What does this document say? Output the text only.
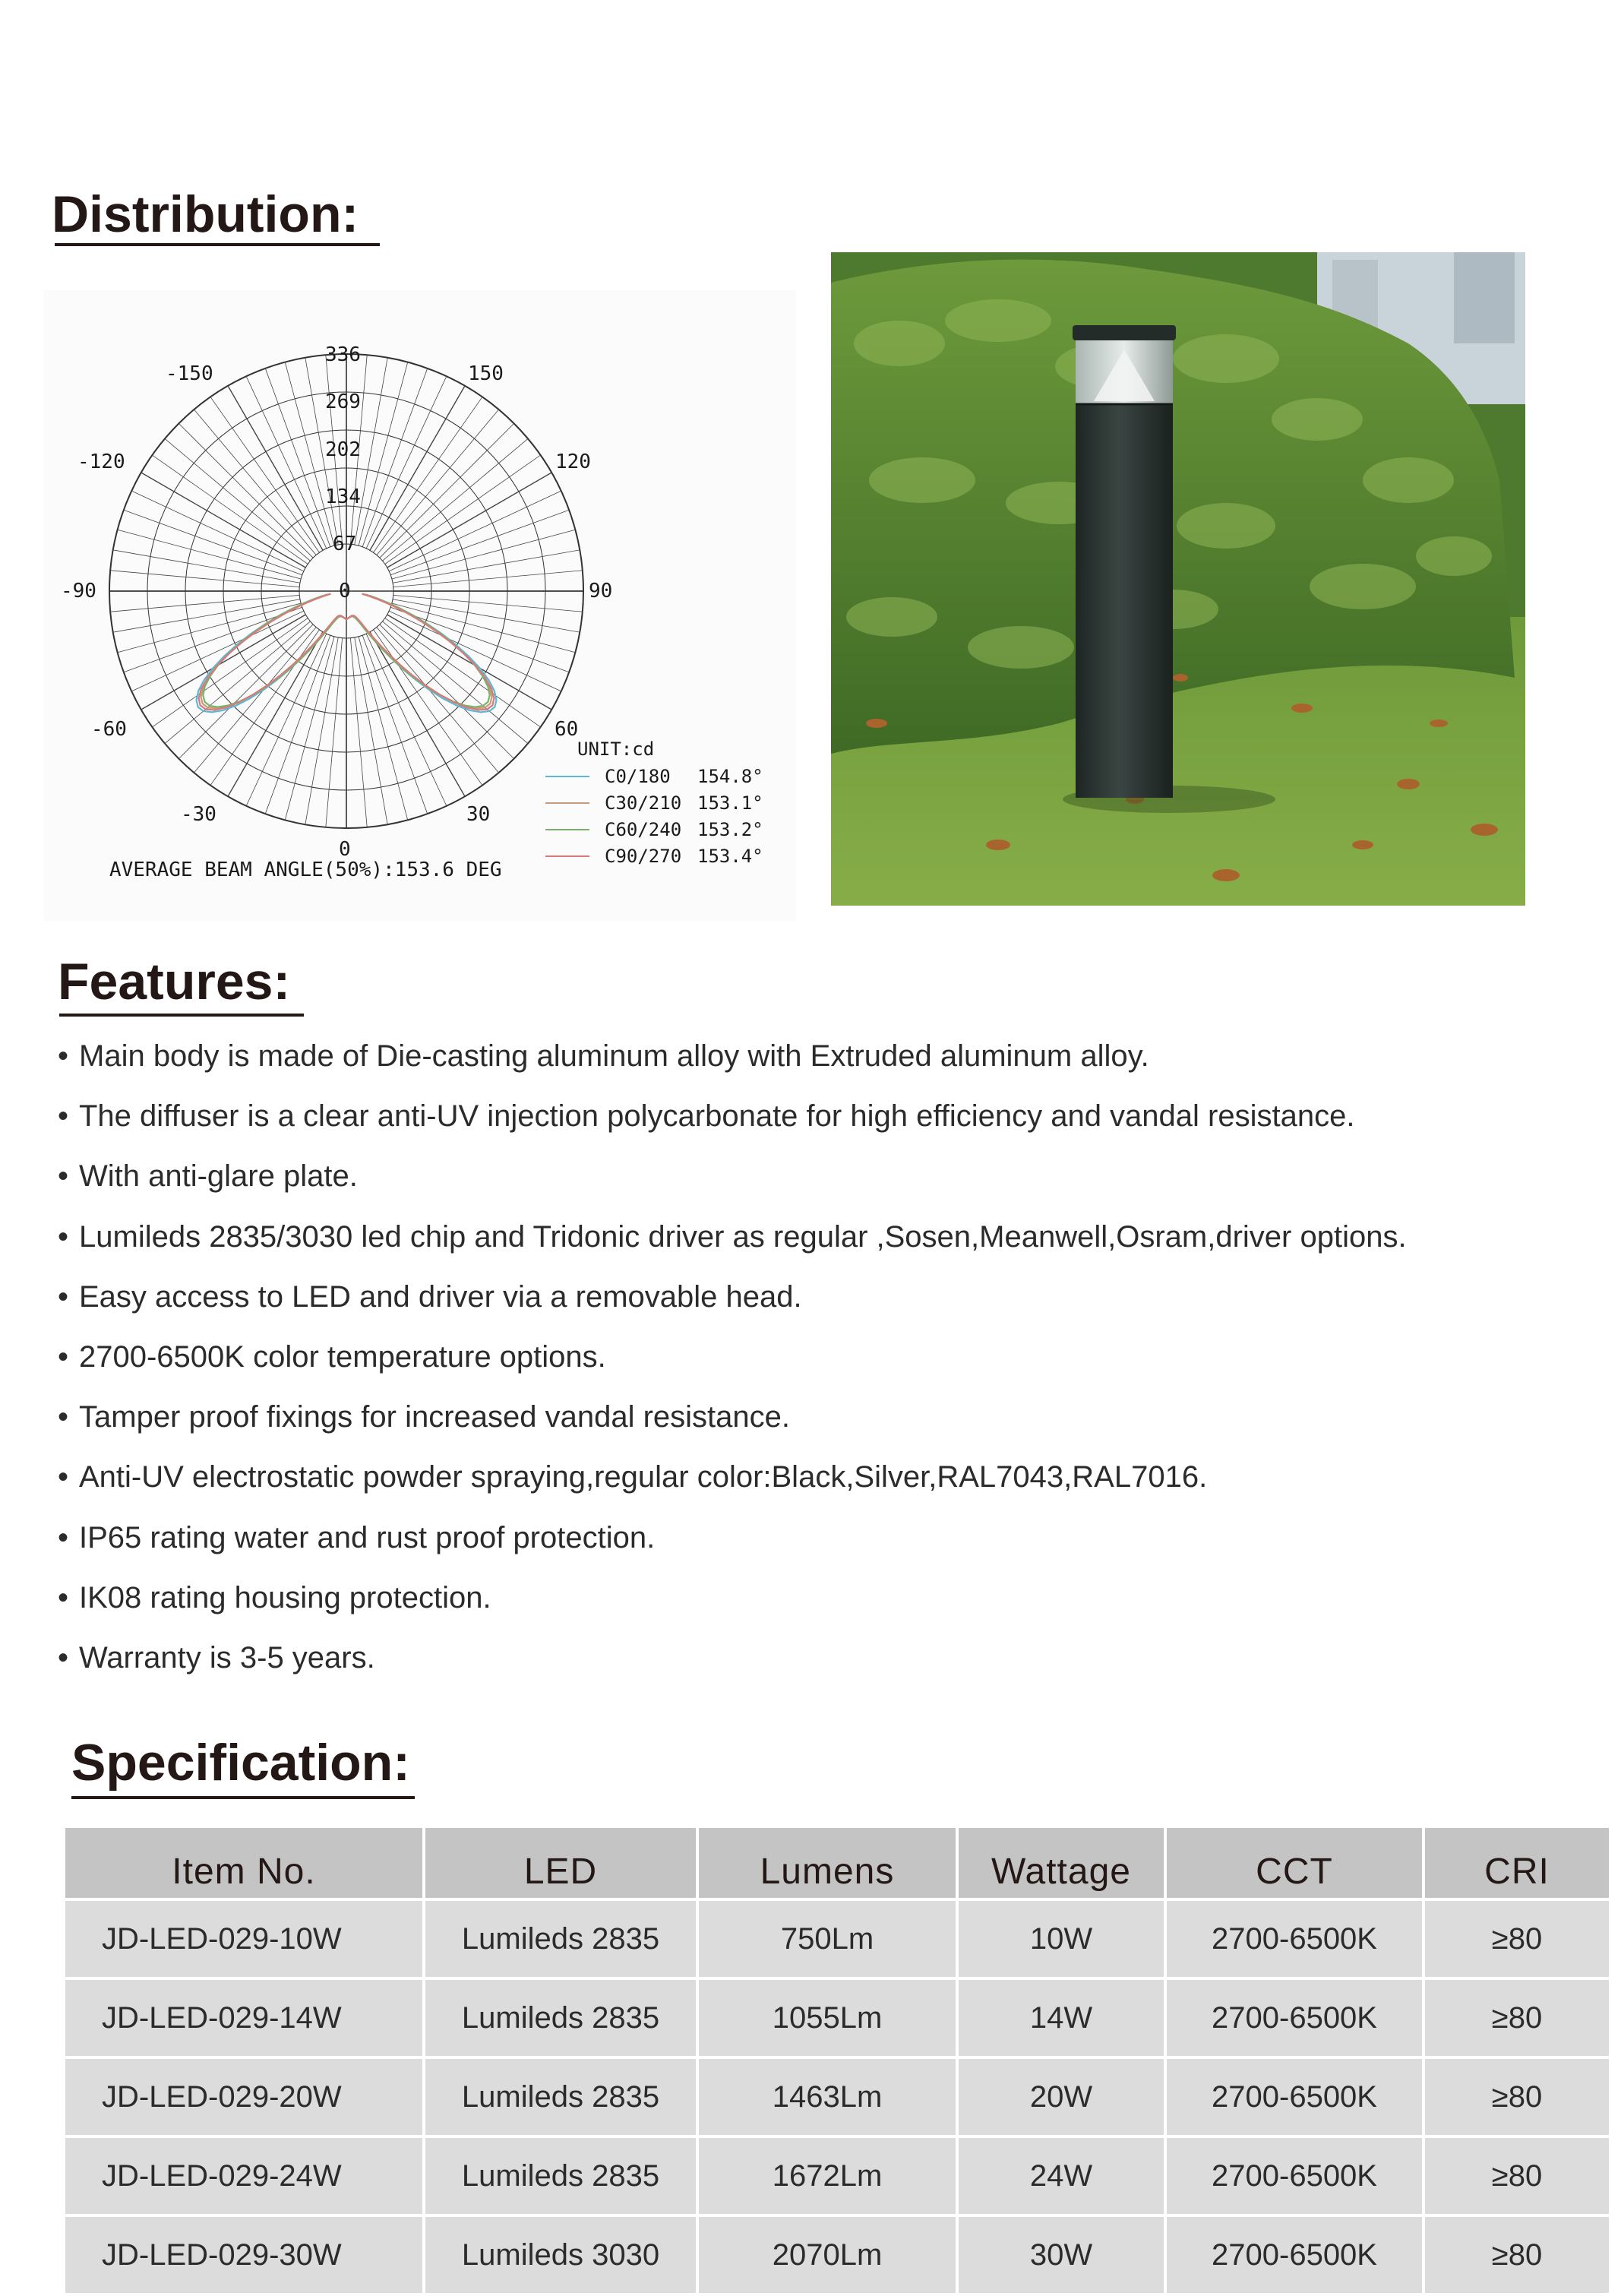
Distribution:
336
269
202
134
67
0
-150	150
-120	120
-90	90
-60	60
-30	30
0
UNIT:cd
C0/180 154.8°
C30/210 153.1°
C60/240 153.2°
C90/270 153.4°
AVERAGE BEAM ANGLE(50%):153.6 DEG
Features:
• Main body is made of Die-casting aluminum alloy with Extruded aluminum alloy.
• The diffuser is a clear anti-UV injection polycarbonate for high efficiency and vandal resistance.
• With anti-glare plate.
• Lumileds 2835/3030 led chip and Tridonic driver as regular ,Sosen,Meanwell,Osram,driver options.
• Easy access to LED and driver via a removable head.
• 2700-6500K color temperature options.
• Tamper proof fixings for increased vandal resistance.
• Anti-UV electrostatic powder spraying,regular color:Black,Silver,RAL7043,RAL7016.
• IP65 rating water and rust proof protection.
• IK08 rating housing protection.
• Warranty is 3-5 years.
Specification:
Item No.	LED	Lumens	Wattage	CCT	CRI
JD-LED-029-10W	Lumileds 2835	750Lm	10W	2700-6500K	≥80
JD-LED-029-14W	Lumileds 2835	1055Lm	14W	2700-6500K	≥80
JD-LED-029-20W	Lumileds 2835	1463Lm	20W	2700-6500K	≥80
JD-LED-029-24W	Lumileds 2835	1672Lm	24W	2700-6500K	≥80
JD-LED-029-30W	Lumileds 3030	2070Lm	30W	2700-6500K	≥80
